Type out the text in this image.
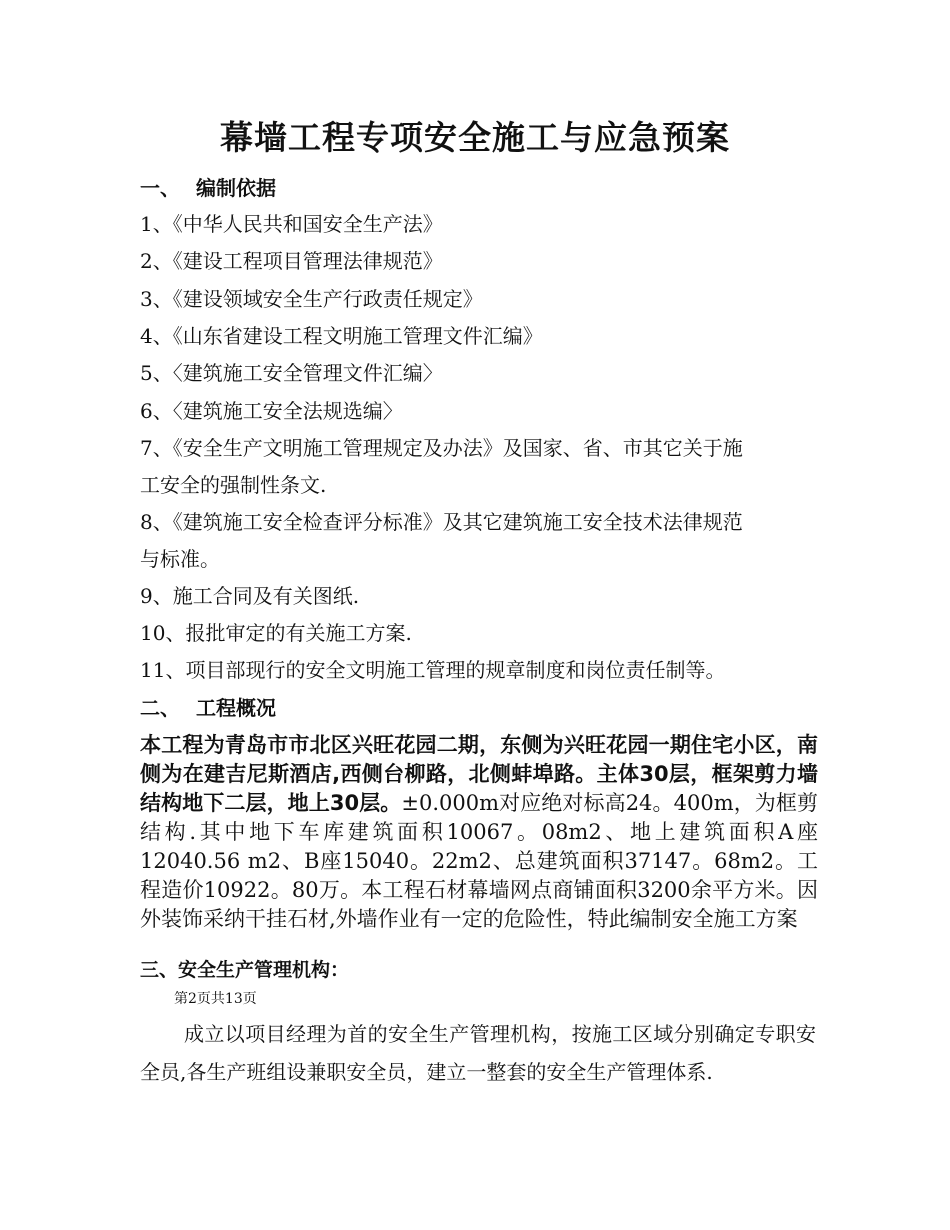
幕墙工程专项安全施工与应急预案
一、 编制依据
1、《中华人民共和国安全生产法》
2、《建设工程项目管理法律规范》
3、《建设领域安全生产行政责任规定》
4、《山东省建设工程文明施工管理文件汇编》
5、〈建筑施工安全管理文件汇编〉
6、〈建筑施工安全法规选编〉
7、《安全生产文明施工管理规定及办法》及国家、省、市其它关于施
工安全的强制性条文.
8、《建筑施工安全检查评分标准》及其它建筑施工安全技术法律规范
与标准。
9、施工合同及有关图纸.
10、报批审定的有关施工方案.
11、项目部现行的安全文明施工管理的规章制度和岗位责任制等。
二、 工程概况
本工程为青岛市市北区兴旺花园二期，东侧为兴旺花园一期住宅小区，南侧为在建吉尼斯酒店,西侧台柳路，北侧蚌埠路。主体30层，框架剪力墙结构地下二层，地上30层。±0.000m对应绝对标高24。400m，为框剪结构.其中地下车库建筑面积10067。08m2、地上建筑面积A座12040.56 m2、B座15040。22m2、总建筑面积37147。68m2。工程造价10922。80万。本工程石材幕墙网点商铺面积3200余平方米。因外装饰采纳干挂石材,外墙作业有一定的危险性，特此编制安全施工方案
三、安全生产管理机构：
第2页共13页
成立以项目经理为首的安全生产管理机构，按施工区域分别确定专职安全员,各生产班组设兼职安全员，建立一整套的安全生产管理体系.
